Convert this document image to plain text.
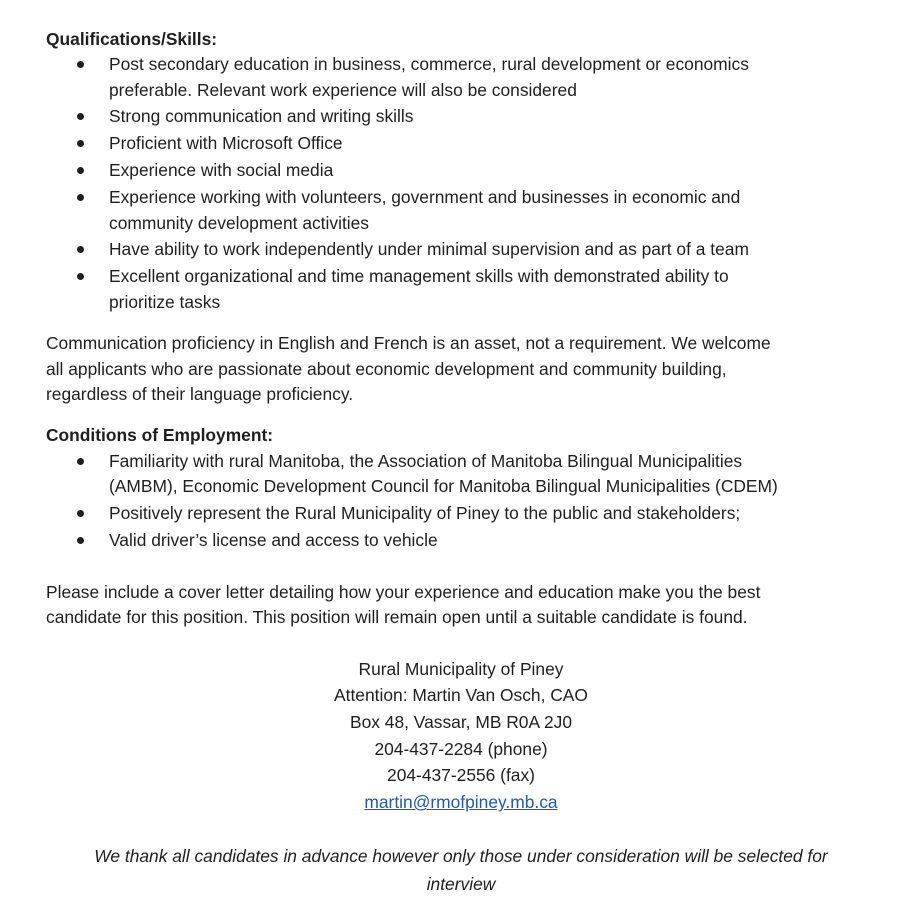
Qualifications/Skills:

Post secondary education in business, commerce, rural development or economics
preferable. Relevant work experience will also be considered
Strong communication and writing skills
Proficient with Microsoft Office
Experience with social media
Experience working with volunteers, government and businesses in economic and
community development activities
Have ability to work independently under minimal supervision and as part of a team
Excellent organizational and time management skills with demonstrated ability to
prioritize tasks

Communication proficiency in English and French is an asset, not a requirement. We welcome
all applicants who are passionate about economic development and community building,
regardless of their language proficiency.

Conditions of Employment:

Familiarity with rural Manitoba, the Association of Manitoba Bilingual Municipalities
(AMBM), Economic Development Council for Manitoba Bilingual Municipalities (CDEM)
Positively represent the Rural Municipality of Piney to the public and stakeholders;
Valid driver’s license and access to vehicle

Please include a cover letter detailing how your experience and education make you the best
candidate for this position. This position will remain open until a suitable candidate is found.

Rural Municipality of Piney
Attention: Martin Van Osch, CAO
Box 48, Vassar, MB R0A 2J0
204-437-2284 (phone)
204-437-2556 (fax)
martin@rmofpiney.mb.ca
We thank all candidates in advance however only those under consideration will be selected for
interview
